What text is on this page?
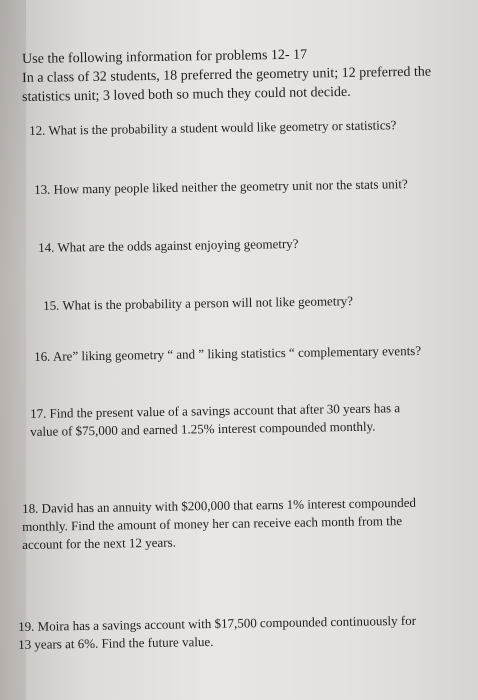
Use the following information for problems 12- 17
In a class of 32 students, 18 preferred the geometry unit; 12 preferred the
statistics unit; 3 loved both so much they could not decide.
12. What is the probability a student would like geometry or statistics?
13. How many people liked neither the geometry unit nor the stats unit?
14. What are the odds against enjoying geometry?
15. What is the probability a person will not like geometry?
16. Are” liking geometry “ and ” liking statistics “ complementary events?
17. Find the present value of a savings account that after 30 years has a
value of $75,000 and earned 1.25% interest compounded monthly.
18. David has an annuity with $200,000 that earns 1% interest compounded
monthly. Find the amount of money her can receive each month from the
account for the next 12 years.
19. Moira has a savings account with $17,500 compounded continuously for
13 years at 6%. Find the future value.
